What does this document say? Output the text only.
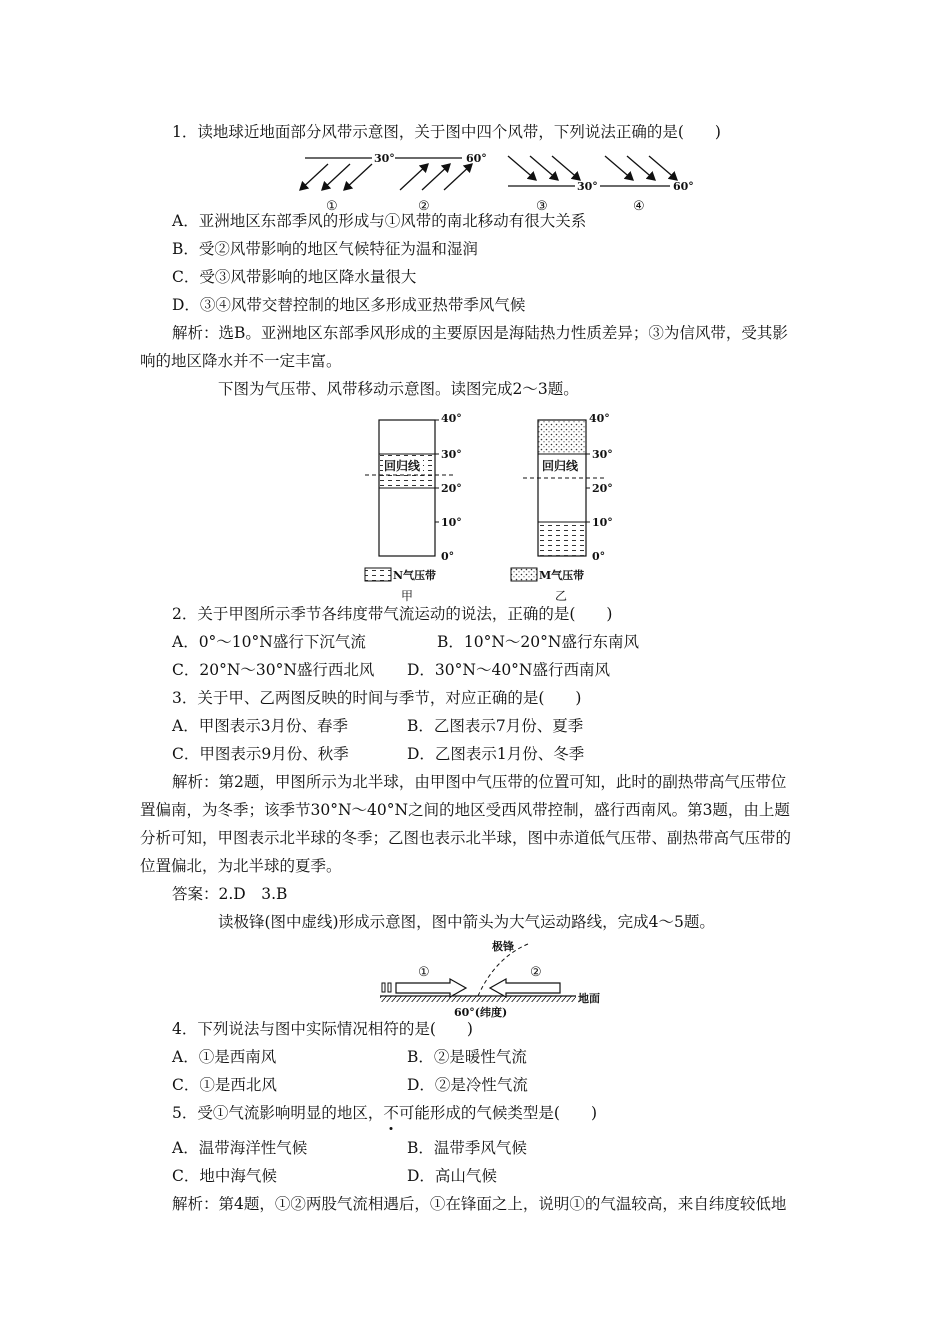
1．读地球近地面部分风带示意图，关于图中四个风带，下列说法正确的是(　　)
30°	60°
30°	60°
①	②	③	④
A．亚洲地区东部季风的形成与①风带的南北移动有很大关系
B．受②风带影响的地区气候特征为温和湿润
C．受③风带影响的地区降水量很大
D．③④风带交替控制的地区多形成亚热带季风气候
解析：选B。亚洲地区东部季风形成的主要原因是海陆热力性质差异；③为信风带，受其影
响的地区降水并不一定丰富。
下图为气压带、风带移动示意图。读图完成2～3题。
回归线
40°
30°
20°
10°
0°
回归线
40°
30°
20°
10°
0°
N气压带	M气压带
甲	乙
2．关于甲图所示季节各纬度带气流运动的说法，正确的是(　　)
A．0°～10°N盛行下沉气流	B．10°N～20°N盛行东南风
C．20°N～30°N盛行西北风 D．30°N～40°N盛行西南风
3．关于甲、乙两图反映的时间与季节，对应正确的是(　　)
A．甲图表示3月份、春季	B．乙图表示7月份、夏季
C．甲图表示9月份、秋季	D．乙图表示1月份、冬季
解析：第2题，甲图所示为北半球，由甲图中气压带的位置可知，此时的副热带高气压带位
置偏南，为冬季；该季节30°N～40°N之间的地区受西风带控制，盛行西南风。第3题，由上题
分析可知，甲图表示北半球的冬季；乙图也表示北半球，图中赤道低气压带、副热带高气压带的
位置偏北，为北半球的夏季。
答案：2.D　3.B
读极锋(图中虚线)形成示意图，图中箭头为大气运动路线，完成4～5题。
极锋
地面
①	②
60°(纬度)
4．下列说法与图中实际情况相符的是(　　)
A．①是西南风	B．②是暖性气流
C．①是西北风	D．②是冷性气流
5．受①气流影响明显的地区，不可能形成的气候类型是(　　)
A．温带海洋性气候	B．温带季风气候
C．地中海气候	D．高山气候
解析：第4题，①②两股气流相遇后，①在锋面之上，说明①的气温较高，来自纬度较低地
